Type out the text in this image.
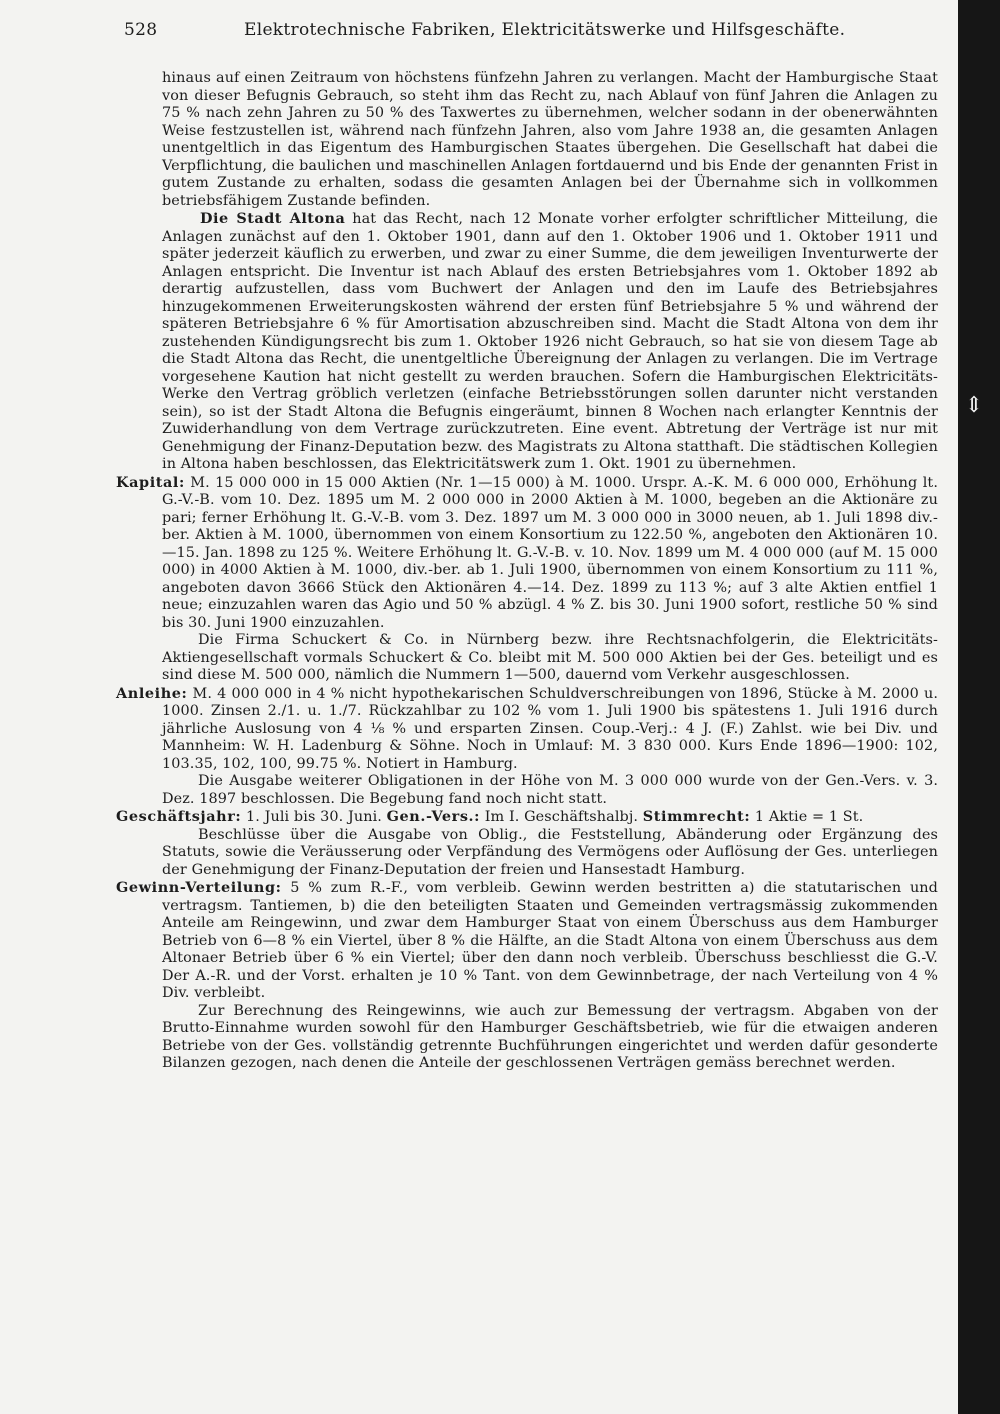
528	Elektrotechnische Fabriken, Elektricitätswerke und Hilfsgeschäfte.

hinaus auf einen Zeitraum von höchstens fünfzehn Jahren zu verlangen. Macht der Hamburgische Staat von dieser Befugnis Gebrauch, so steht ihm das Recht zu, nach Ablauf von fünf Jahren die Anlagen zu 75 % nach zehn Jahren zu 50 % des Taxwertes zu übernehmen, welcher sodann in der obenerwähnten Weise festzustellen ist, während nach fünfzehn Jahren, also vom Jahre 1938 an, die gesamten Anlagen unentgeltlich in das Eigentum des Hamburgischen Staates übergehen. Die Gesellschaft hat dabei die Verpflichtung, die baulichen und maschinellen Anlagen fortdauernd und bis Ende der genannten Frist in gutem Zustande zu erhalten, sodass die gesamten Anlagen bei der Übernahme sich in vollkommen betriebsfähigem Zustande befinden.

Die Stadt Altona hat das Recht, nach 12 Monate vorher erfolgter schriftlicher Mitteilung, die Anlagen zunächst auf den 1. Oktober 1901, dann auf den 1. Oktober 1906 und 1. Oktober 1911 und später jederzeit käuflich zu erwerben, und zwar zu einer Summe, die dem jeweiligen Inventurwerte der Anlagen entspricht. Die Inventur ist nach Ablauf des ersten Betriebsjahres vom 1. Oktober 1892 ab derartig aufzustellen, dass vom Buchwert der Anlagen und den im Laufe des Betriebsjahres hinzugekommenen Erweiterungskosten während der ersten fünf Betriebsjahre 5 % und während der späteren Betriebsjahre 6 % für Amortisation abzuschreiben sind. Macht die Stadt Altona von dem ihr zustehenden Kündigungsrecht bis zum 1. Oktober 1926 nicht Gebrauch, so hat sie von diesem Tage ab die Stadt Altona das Recht, die unentgeltliche Übereignung der Anlagen zu verlangen. Die im Vertrage vorgesehene Kaution hat nicht gestellt zu werden brauchen. Sofern die Hamburgischen Elektricitäts-Werke den Vertrag gröblich verletzen (einfache Betriebsstörungen sollen darunter nicht verstanden sein), so ist der Stadt Altona die Befugnis eingeräumt, binnen 8 Wochen nach erlangter Kenntnis der Zuwiderhandlung von dem Vertrage zurückzutreten. Eine event. Abtretung der Verträge ist nur mit Genehmigung der Finanz-Deputation bezw. des Magistrats zu Altona statthaft. Die städtischen Kollegien in Altona haben beschlossen, das Elektricitätswerk zum 1. Okt. 1901 zu übernehmen.

Kapital: M. 15 000 000 in 15 000 Aktien (Nr. 1—15 000) à M. 1000. Urspr. A.-K. M. 6 000 000, Erhöhung lt. G.-V.-B. vom 10. Dez. 1895 um M. 2 000 000 in 2000 Aktien à M. 1000, begeben an die Aktionäre zu pari; ferner Erhöhung lt. G.-V.-B. vom 3. Dez. 1897 um M. 3 000 000 in 3000 neuen, ab 1. Juli 1898 div.-ber. Aktien à M. 1000, übernommen von einem Konsortium zu 122.50 %, angeboten den Aktionären 10.—15. Jan. 1898 zu 125 %. Weitere Erhöhung lt. G.-V.-B. v. 10. Nov. 1899 um M. 4 000 000 (auf M. 15 000 000) in 4000 Aktien à M. 1000, div.-ber. ab 1. Juli 1900, übernommen von einem Konsortium zu 111 %, angeboten davon 3666 Stück den Aktionären 4.—14. Dez. 1899 zu 113 %; auf 3 alte Aktien entfiel 1 neue; einzuzahlen waren das Agio und 50 % abzügl. 4 % Z. bis 30. Juni 1900 sofort, restliche 50 % sind bis 30. Juni 1900 einzuzahlen.

Die Firma Schuckert & Co. in Nürnberg bezw. ihre Rechtsnachfolgerin, die Elektricitäts-Aktiengesellschaft vormals Schuckert & Co. bleibt mit M. 500 000 Aktien bei der Ges. beteiligt und es sind diese M. 500 000, nämlich die Nummern 1—500, dauernd vom Verkehr ausgeschlossen.

Anleihe: M. 4 000 000 in 4 % nicht hypothekarischen Schuldverschreibungen von 1896, Stücke à M. 2000 u. 1000. Zinsen 2./1. u. 1./7. Rückzahlbar zu 102 % vom 1. Juli 1900 bis spätestens 1. Juli 1916 durch jährliche Auslosung von 4 ⅛ % und ersparten Zinsen. Coup.-Verj.: 4 J. (F.) Zahlst. wie bei Div. und Mannheim: W. H. Ladenburg & Söhne. Noch in Umlauf: M. 3 830 000. Kurs Ende 1896—1900: 102, 103.35, 102, 100, 99.75 %. Notiert in Hamburg.

Die Ausgabe weiterer Obligationen in der Höhe von M. 3 000 000 wurde von der Gen.-Vers. v. 3. Dez. 1897 beschlossen. Die Begebung fand noch nicht statt.

Geschäftsjahr: 1. Juli bis 30. Juni. Gen.-Vers.: Im I. Geschäftshalbj. Stimmrecht: 1 Aktie = 1 St.

Beschlüsse über die Ausgabe von Oblig., die Feststellung, Abänderung oder Ergänzung des Statuts, sowie die Veräusserung oder Verpfändung des Vermögens oder Auflösung der Ges. unterliegen der Genehmigung der Finanz-Deputation der freien und Hansestadt Hamburg.

Gewinn-Verteilung: 5 % zum R.-F., vom verbleib. Gewinn werden bestritten a) die statutarischen und vertragsm. Tantiemen, b) die den beteiligten Staaten und Gemeinden vertragsmässig zukommenden Anteile am Reingewinn, und zwar dem Hamburger Staat von einem Überschuss aus dem Hamburger Betrieb von 6—8 % ein Viertel, über 8 % die Hälfte, an die Stadt Altona von einem Überschuss aus dem Altonaer Betrieb über 6 % ein Viertel; über den dann noch verbleib. Überschuss beschliesst die G.-V. Der A.-R. und der Vorst. erhalten je 10 % Tant. von dem Gewinnbetrage, der nach Verteilung von 4 % Div. verbleibt.

Zur Berechnung des Reingewinns, wie auch zur Bemessung der vertragsm. Abgaben von der Brutto-Einnahme wurden sowohl für den Hamburger Geschäftsbetrieb, wie für die etwaigen anderen Betriebe von der Ges. vollständig getrennte Buchführungen eingerichtet und werden dafür gesonderte Bilanzen gezogen, nach denen die Anteile der geschlossenen Verträgen gemäss berechnet werden.

⇕
